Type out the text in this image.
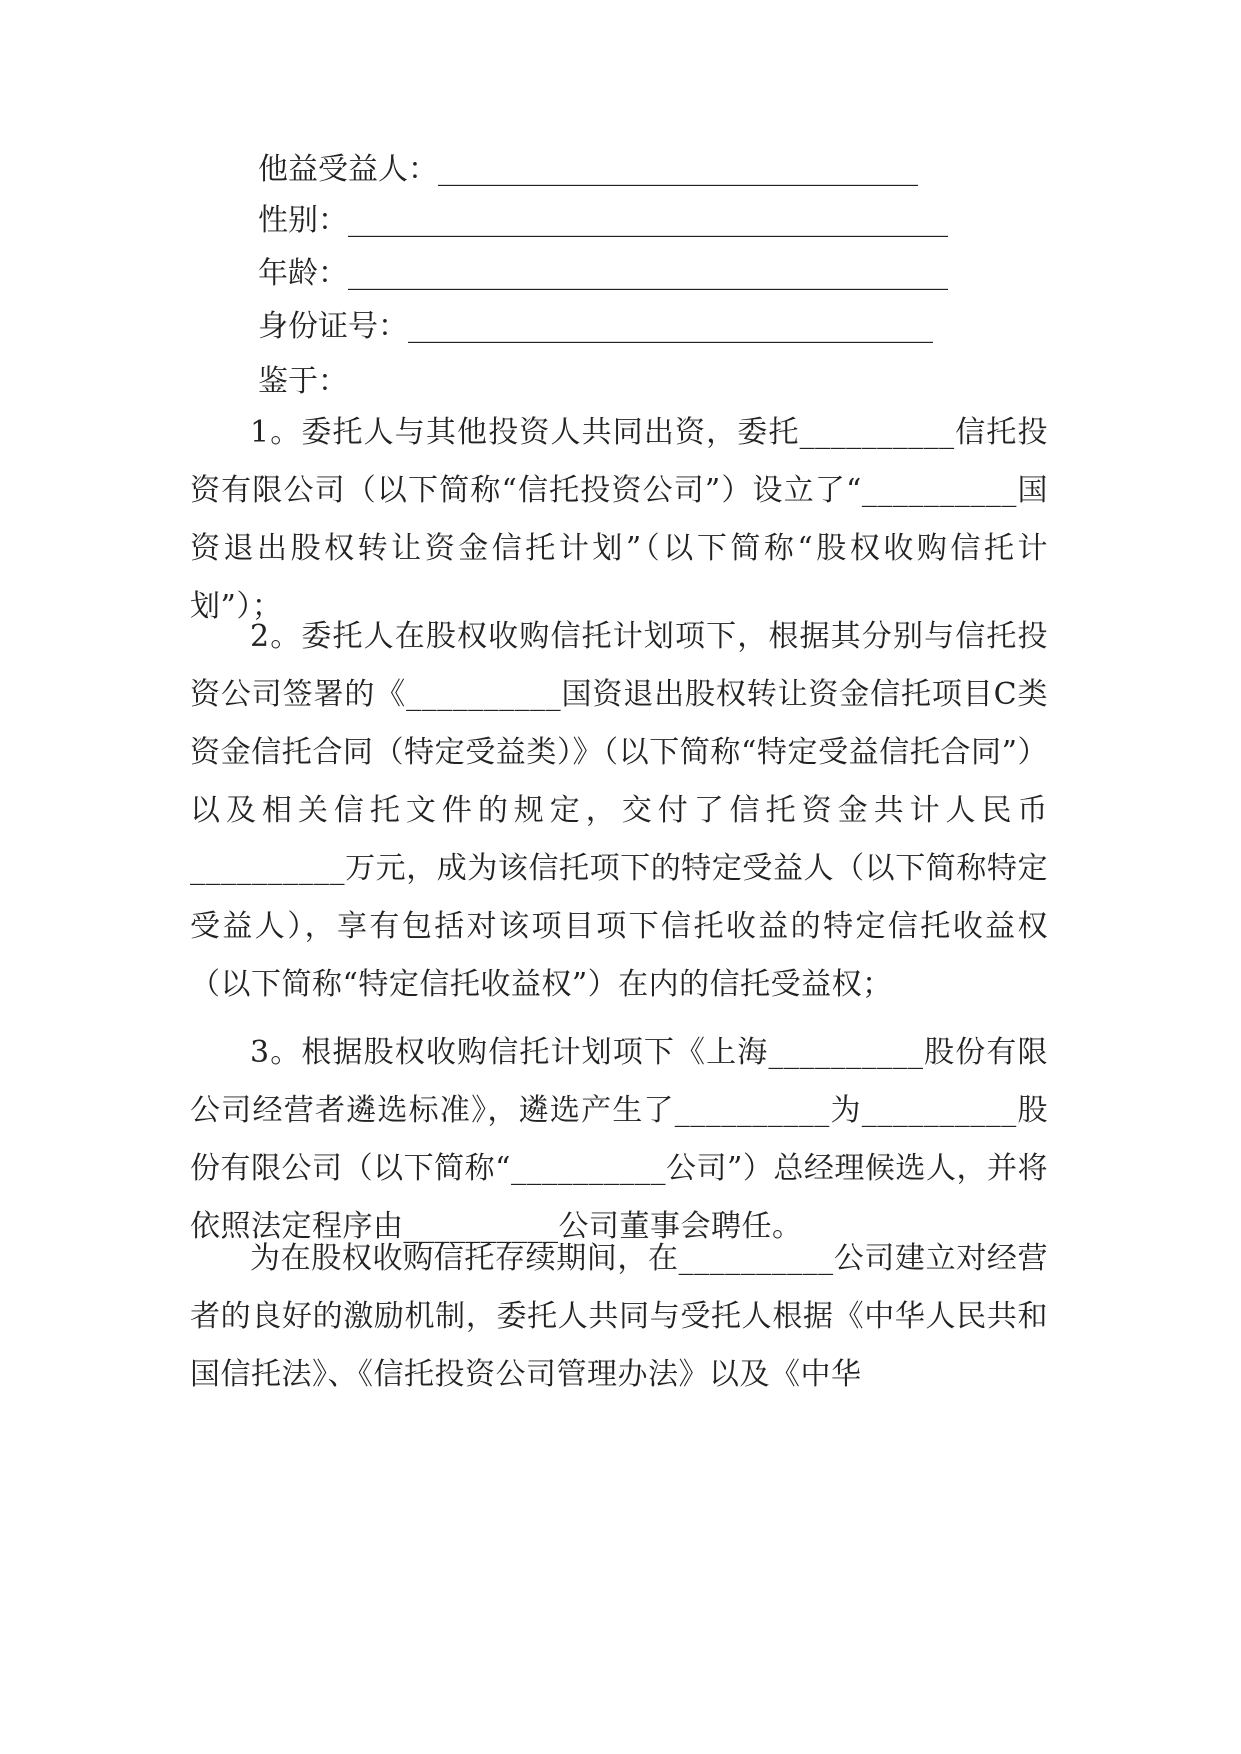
他益受益人：________________________________
性别：________________________________________
年龄：________________________________________
身份证号：___________________________________
鉴于：

1。委托人与其他投资人共同出资，委托__________信托投资有限公司（以下简称“信托投资公司”）设立了“__________国资退出股权转让资金信托计划”（以下简称“股权收购信托计划”）；

2。委托人在股权收购信托计划项下，根据其分别与信托投资公司签署的《__________国资退出股权转让资金信托项目C类资金信托合同（特定受益类）》（以下简称“特定受益信托合同”）以及相关信托文件的规定，交付了信托资金共计人民币__________万元，成为该信托项下的特定受益人（以下简称特定受益人），享有包括对该项目项下信托收益的特定信托收益权（以下简称“特定信托收益权”）在内的信托受益权；

3。根据股权收购信托计划项下《上海__________股份有限公司经营者遴选标准》，遴选产生了__________为__________股份有限公司（以下简称“__________公司”）总经理候选人，并将依照法定程序由__________公司董事会聘任。

为在股权收购信托存续期间，在__________公司建立对经营者的良好的激励机制，委托人共同与受托人根据《中华人民共和国信托法》、《信托投资公司管理办法》以及《中华
